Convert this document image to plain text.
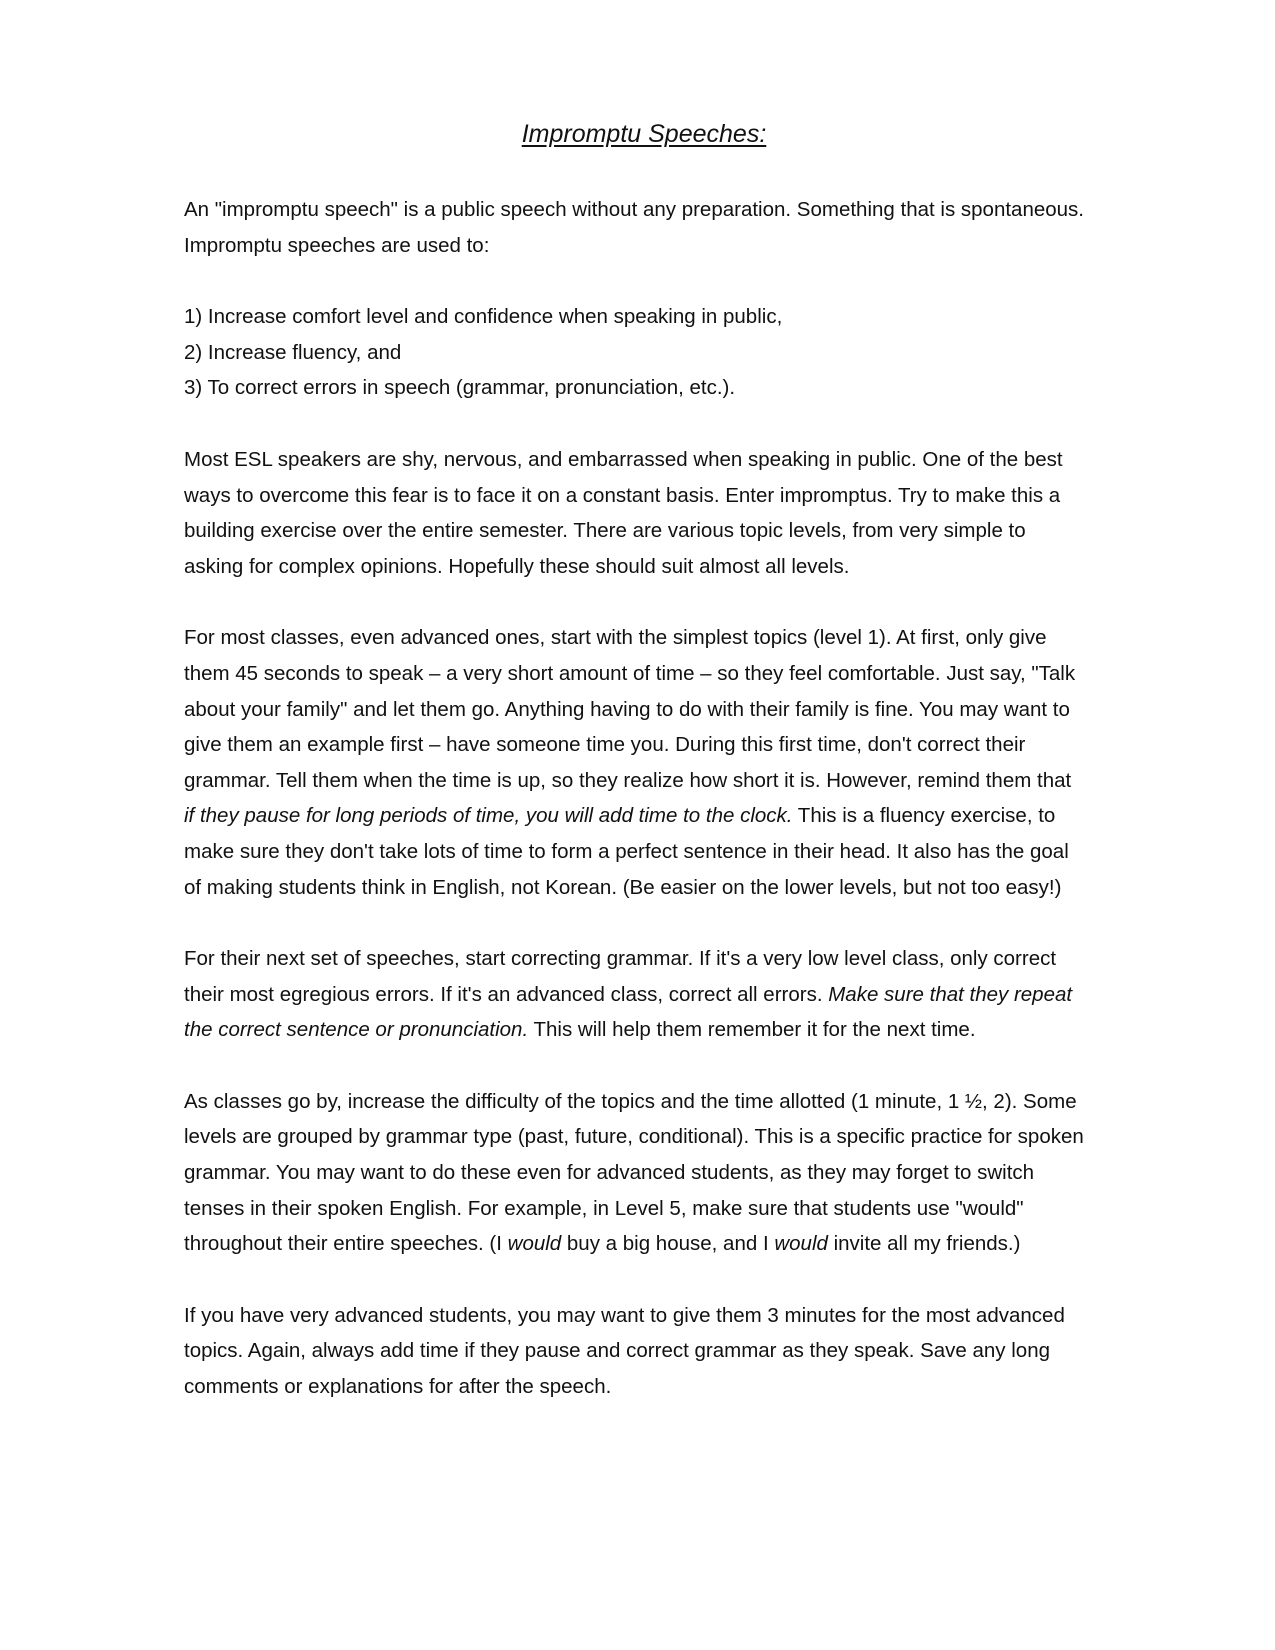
Impromptu Speeches:

An "impromptu speech" is a public speech without any preparation. Something that is spontaneous. Impromptu speeches are used to:

1) Increase comfort level and confidence when speaking in public,
2) Increase fluency, and
3) To correct errors in speech (grammar, pronunciation, etc.).

Most ESL speakers are shy, nervous, and embarrassed when speaking in public. One of the best ways to overcome this fear is to face it on a constant basis. Enter impromptus. Try to make this a building exercise over the entire semester. There are various topic levels, from very simple to asking for complex opinions. Hopefully these should suit almost all levels.

For most classes, even advanced ones, start with the simplest topics (level 1). At first, only give them 45 seconds to speak – a very short amount of time – so they feel comfortable. Just say, "Talk about your family" and let them go. Anything having to do with their family is fine. You may want to give them an example first – have someone time you. During this first time, don't correct their grammar. Tell them when the time is up, so they realize how short it is. However, remind them that if they pause for long periods of time, you will add time to the clock. This is a fluency exercise, to make sure they don't take lots of time to form a perfect sentence in their head. It also has the goal of making students think in English, not Korean. (Be easier on the lower levels, but not too easy!)

For their next set of speeches, start correcting grammar. If it's a very low level class, only correct their most egregious errors. If it's an advanced class, correct all errors. Make sure that they repeat the correct sentence or pronunciation. This will help them remember it for the next time.

As classes go by, increase the difficulty of the topics and the time allotted (1 minute, 1 ½, 2). Some levels are grouped by grammar type (past, future, conditional). This is a specific practice for spoken grammar. You may want to do these even for advanced students, as they may forget to switch tenses in their spoken English. For example, in Level 5, make sure that students use "would" throughout their entire speeches. (I would buy a big house, and I would invite all my friends.)

If you have very advanced students, you may want to give them 3 minutes for the most advanced topics. Again, always add time if they pause and correct grammar as they speak. Save any long comments or explanations for after the speech.
